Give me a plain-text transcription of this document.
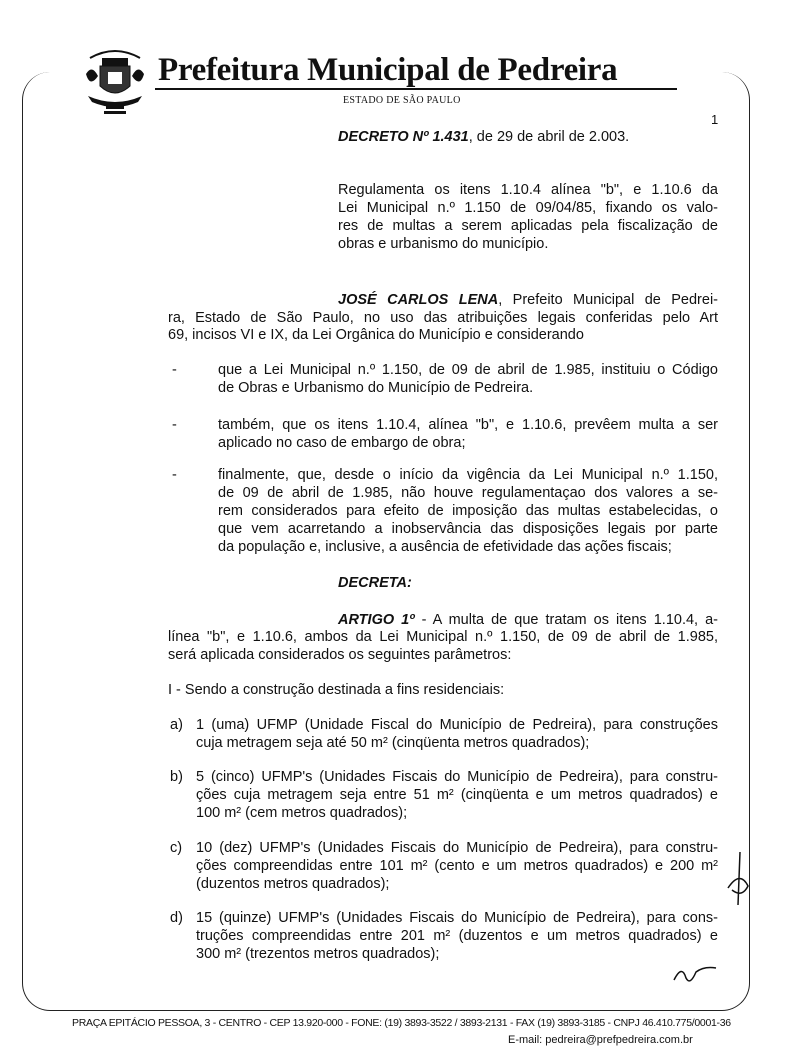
Prefeitura Municipal de Pedreira
ESTADO DE SÃO PAULO
1
DECRETO Nº 1.431, de 29 de abril de 2.003.
Regulamenta os itens 1.10.4 alínea "b", e 1.10.6 da
Lei Municipal n.º 1.150 de 09/04/85, fixando os valo-
res de multas a serem aplicadas pela fiscalização de
obras e urbanismo do município.
JOSÉ CARLOS LENA, Prefeito Municipal de Pedrei-
ra, Estado de São Paulo, no uso das atribuições legais conferidas pelo Art
69, incisos VI e IX, da Lei Orgânica do Município e considerando
-	que a Lei Municipal n.º 1.150, de 09 de abril de 1.985, instituiu o Código
de Obras e Urbanismo do Município de Pedreira.
-	também, que os itens 1.10.4, alínea "b", e 1.10.6, prevêem multa a ser
aplicado no caso de embargo de obra;
-	finalmente, que, desde o início da vigência da Lei Municipal n.º 1.150,
de 09 de abril de 1.985, não houve regulamentaçao dos valores a se-
rem considerados para efeito de imposição das multas estabelecidas, o
que vem acarretando a inobservância das disposições legais por parte
da população e, inclusive, a ausência de efetividade das ações fiscais;
DECRETA:
ARTIGO 1º - A multa de que tratam os itens 1.10.4, a-
línea "b", e 1.10.6, ambos da Lei Municipal n.º 1.150, de 09 de abril de 1.985,
será aplicada considerados os seguintes parâmetros:
I - Sendo a construção destinada a fins residenciais:
a) 1 (uma) UFMP (Unidade Fiscal do Município de Pedreira), para construções
cuja metragem seja até 50 m² (cinqüenta metros quadrados);
b) 5 (cinco) UFMP's (Unidades Fiscais do Município de Pedreira), para constru-
ções cuja metragem seja entre 51 m² (cinqüenta e um metros quadrados) e
100 m² (cem metros quadrados);
c) 10 (dez) UFMP's (Unidades Fiscais do Município de Pedreira), para constru-
ções compreendidas entre 101 m² (cento e um metros quadrados) e 200 m²
(duzentos metros quadrados);
d) 15 (quinze) UFMP's (Unidades Fiscais do Município de Pedreira), para cons-
truções compreendidas entre 201 m² (duzentos e um metros quadrados) e
300 m² (trezentos metros quadrados);
PRAÇA EPITÁCIO PESSOA, 3 - CENTRO - CEP 13.920-000 - FONE: (19) 3893-3522 / 3893-2131 - FAX (19) 3893-3185 - CNPJ 46.410.775/0001-36
E-mail: pedreira@prefpedreira.com.br
